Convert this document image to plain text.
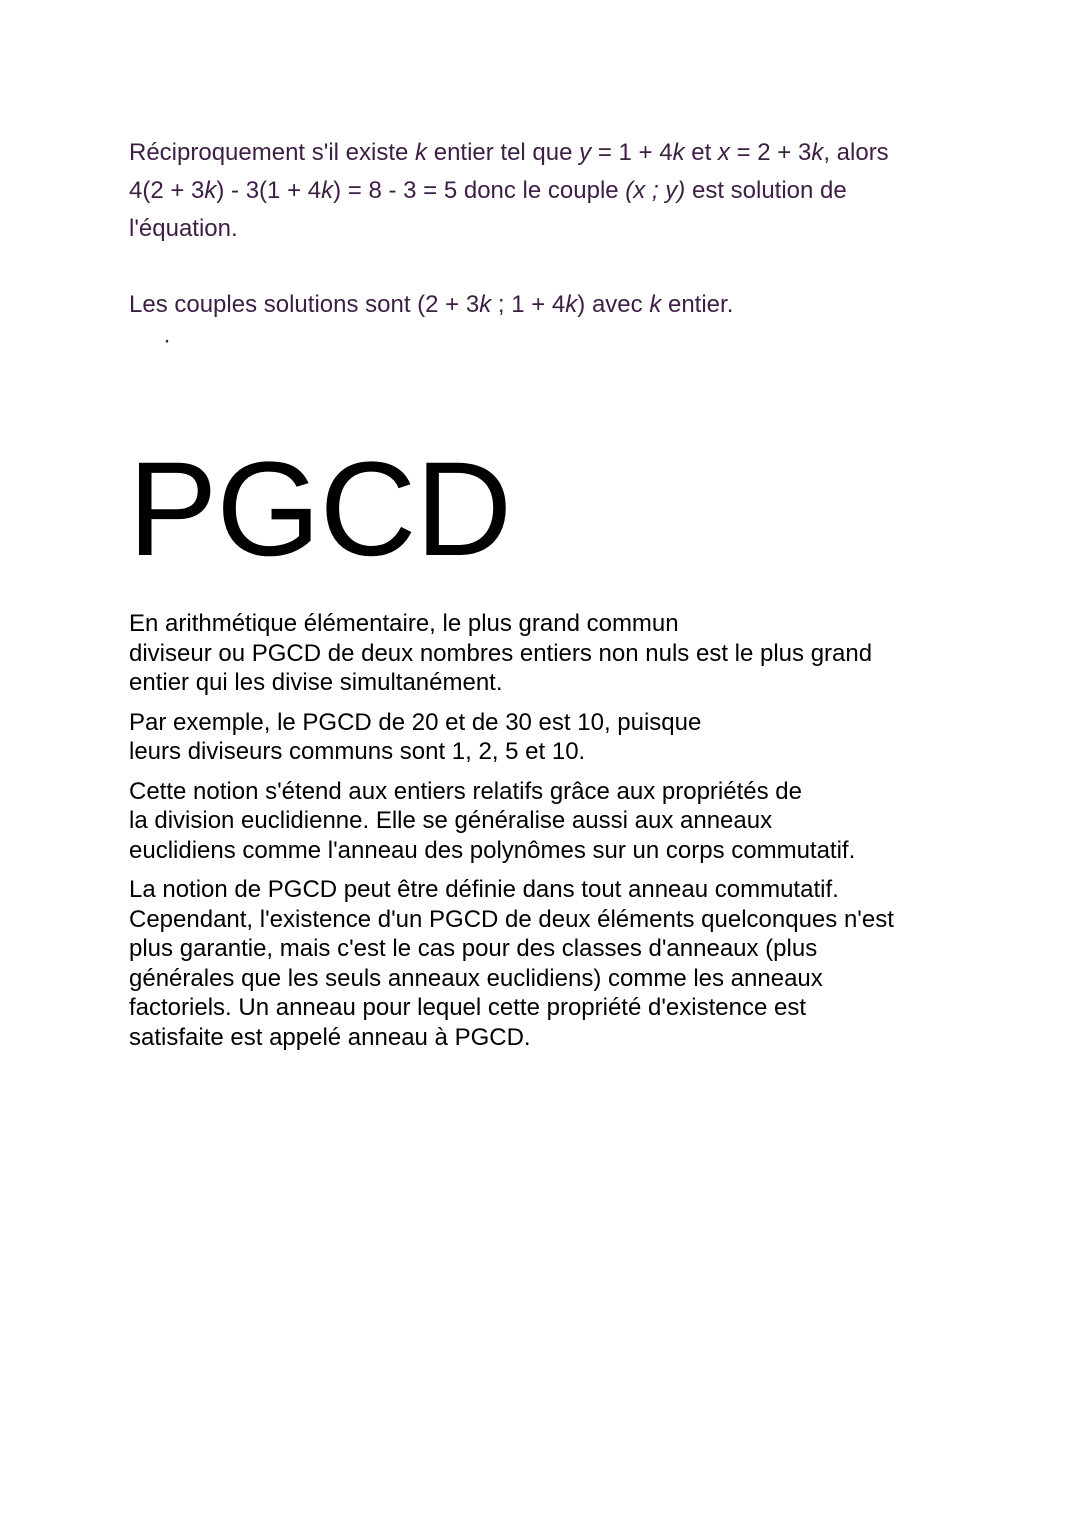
Réciproquement s'il existe k entier tel que y = 1 + 4k et x = 2 + 3k, alors
4(2 + 3k) - 3(1 + 4k) = 8 - 3 = 5 donc le couple (x ; y) est solution de
l'équation.
Les couples solutions sont (2 + 3k ; 1 + 4k) avec k entier.
·
PGCD

En arithmétique élémentaire, le plus grand commun
diviseur ou PGCD de deux nombres entiers non nuls est le plus grand
entier qui les divise simultanément.

Par exemple, le PGCD de 20 et de 30 est 10, puisque
leurs diviseurs communs sont 1, 2, 5 et 10.

Cette notion s'étend aux entiers relatifs grâce aux propriétés de
la division euclidienne. Elle se généralise aussi aux anneaux
euclidiens comme l'anneau des polynômes sur un corps commutatif.

La notion de PGCD peut être définie dans tout anneau commutatif.
Cependant, l'existence d'un PGCD de deux éléments quelconques n'est
plus garantie, mais c'est le cas pour des classes d'anneaux (plus
générales que les seuls anneaux euclidiens) comme les anneaux
factoriels. Un anneau pour lequel cette propriété d'existence est
satisfaite est appelé anneau à PGCD.
